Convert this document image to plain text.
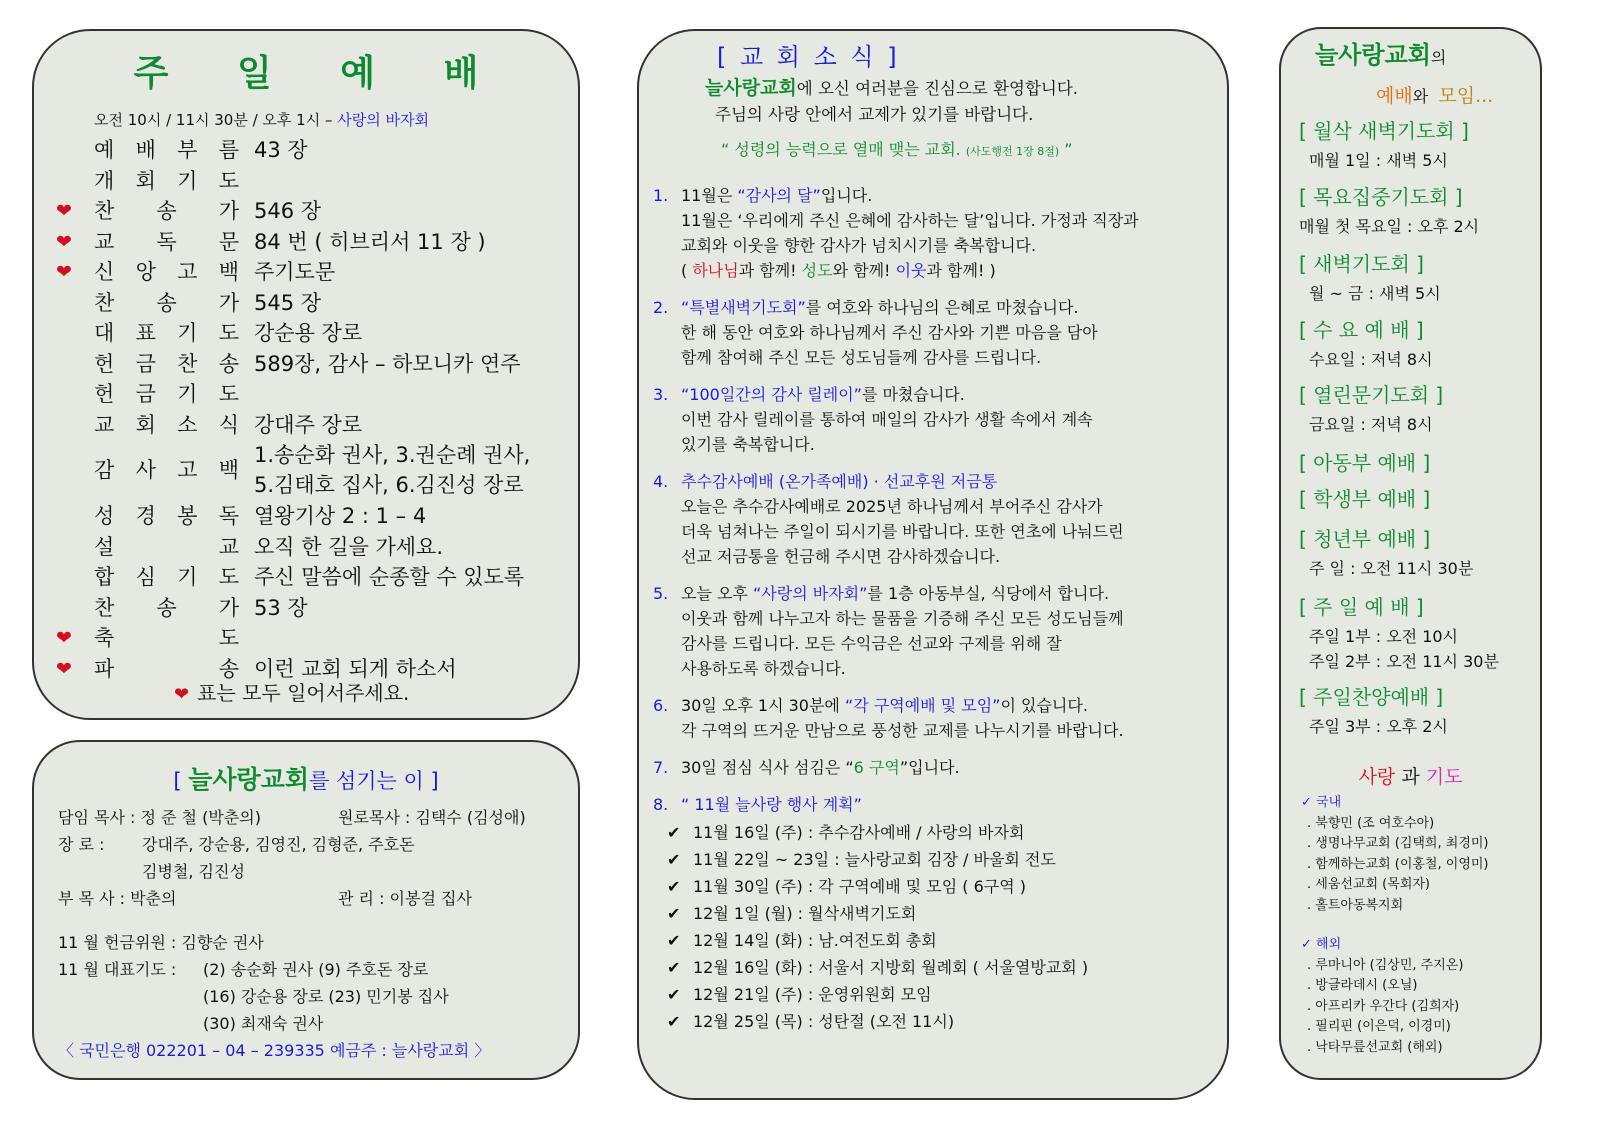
주 일 예 배
오전 10시 / 11시 30분 / 오후 1시 – 사랑의 바자회
예 배 부 름 43 장
개 회 기 도
❤ 찬 송 가 546 장
❤ 교 독 문 84 번 ( 히브리서 11 장 )
❤ 신 앙 고 백 주기도문
찬 송 가 545 장
대 표 기 도 강순용 장로
헌 금 찬 송 589장, 감사 – 하모니카 연주
헌 금 기 도
교 회 소 식 강대주 장로
감 사 고 백
1.송순화 권사, 3.권순례 권사,
5.김태호 집사, 6.김진성 장로
성 경 봉 독 열왕기상 2 : 1 – 4
설	교 오직 한 길을 가세요.
합 심 기 도 주신 말씀에 순종할 수 있도록
찬 송 가 53 장
❤ 축	도
❤ 파	송 이런 교회 되게 하소서
❤ 표는 모두 일어서주세요.
[ 늘사랑교회를 섬기는 이 ]
담임 목사 : 정 준 철 (박춘의)	원로목사 : 김택수 (김성애)
장 로 : 강대주, 강순용, 김영진, 김형준, 주호돈
김병철, 김진성
부 목 사 : 박춘의	관 리 : 이봉걸 집사
11 월 헌금위원 : 김향순 권사
11 월 대표기도 : (2) 송순화 권사 (9) 주호돈 장로
(16) 강순용 장로 (23) 민기봉 집사
(30) 최재숙 권사
〈 국민은행 022201 – 04 – 239335 예금주 : 늘사랑교회 〉
[ 교 회 소 식 ]
늘사랑교회에 오신 여러분을 진심으로 환영합니다.
주님의 사랑 안에서 교제가 있기를 바랍니다.
“ 성령의 능력으로 열매 맺는 교회. (사도행전 1장 8절) ”
1. 11월은 “감사의 달”입니다.
11월은 ‘우리에게 주신 은혜에 감사하는 달’입니다. 가정과 직장과
교회와 이웃을 향한 감사가 넘치시기를 축복합니다.
( 하나님과 함께! 성도와 함께! 이웃과 함께! )
2. “특별새벽기도회”를 여호와 하나님의 은혜로 마쳤습니다.
한 해 동안 여호와 하나님께서 주신 감사와 기쁜 마음을 담아
함께 참여해 주신 모든 성도님들께 감사를 드립니다.
3. “100일간의 감사 릴레이”를 마쳤습니다.
이번 감사 릴레이를 통하여 매일의 감사가 생활 속에서 계속
있기를 축복합니다.
4. 추수감사예배 (온가족예배) · 선교후원 저금통
오늘은 추수감사예배로 2025년 하나님께서 부어주신 감사가
더욱 넘쳐나는 주일이 되시기를 바랍니다. 또한 연초에 나눠드린
선교 저금통을 헌금해 주시면 감사하겠습니다.
5. 오늘 오후 “사랑의 바자회”를 1층 아동부실, 식당에서 합니다.
이웃과 함께 나누고자 하는 물품을 기증해 주신 모든 성도님들께
감사를 드립니다. 모든 수익금은 선교와 구제를 위해 잘
사용하도록 하겠습니다.
6. 30일 오후 1시 30분에 “각 구역예배 및 모임”이 있습니다.
각 구역의 뜨거운 만남으로 풍성한 교제를 나누시기를 바랍니다.
7. 30일 점심 식사 섬김은 “6 구역”입니다.
8. “ 11월 늘사랑 행사 계획”
✔ 11월 16일 (주) : 추수감사예배 / 사랑의 바자회
✔ 11월 22일 ~ 23일 : 늘사랑교회 김장 / 바울회 전도
✔ 11월 30일 (주) : 각 구역예배 및 모임 ( 6구역 )
✔ 12월 1일 (월) : 월삭새벽기도회
✔ 12월 14일 (화) : 남.여전도회 총회
✔ 12월 16일 (화) : 서울서 지방회 월례회 ( 서울열방교회 )
✔ 12월 21일 (주) : 운영위원회 모임
✔ 12월 25일 (목) : 성탄절 (오전 11시)
늘사랑교회의
예배와 모임...
[ 월삭 새벽기도회 ]
매월 1일 : 새벽 5시
[ 목요집중기도회 ]
매월 첫 목요일 : 오후 2시
[ 새벽기도회 ]
월 ~ 금 : 새벽 5시
[ 수 요 예 배 ]
수요일 : 저녁 8시
[ 열린문기도회 ]
금요일 : 저녁 8시
[ 아동부 예배 ]
[ 학생부 예배 ]
[ 청년부 예배 ]
주 일 : 오전 11시 30분
[ 주 일 예 배 ]
주일 1부 : 오전 10시
주일 2부 : 오전 11시 30분
[ 주일찬양예배 ]
주일 3부 : 오후 2시
사랑 과 기도
✓ 국내
. 북향민 (조 여호수아)
. 생명나무교회 (김택희, 최경미)
. 함께하는교회 (이홍철, 이영미)
. 세움선교회 (목회자)
. 홀트아동복지회
✓ 해외
. 루마니아 (김상민, 주지온)
. 방글라데시 (오닐)
. 아프리카 우간다 (김희자)
. 필리핀 (이은덕, 이경미)
. 낙타무릎선교회 (해외)
